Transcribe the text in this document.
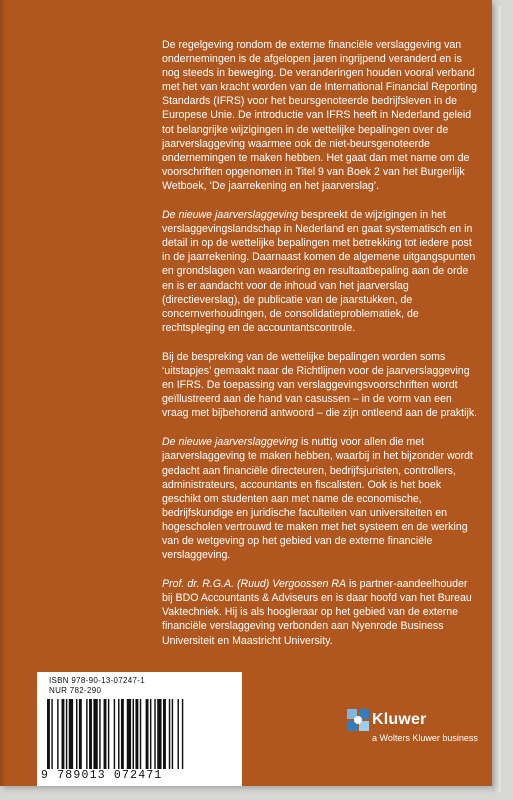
De regelgeving rondom de externe financiële verslaggeving van ondernemingen is de afgelopen jaren ingrijpend veranderd en is nog steeds in beweging. De veranderingen houden vooral verband met het van kracht worden van de International Financial Reporting Standards (IFRS) voor het beursgenoteerde bedrijfsleven in de Europese Unie. De introductie van IFRS heeft in Nederland geleid tot belangrijke wijzigingen in de wettelijke bepalingen over de jaarverslaggeving waarmee ook de niet-beursgenoteerde ondernemingen te maken hebben. Het gaat dan met name om de voorschriften opgenomen in Titel 9 van Boek 2 van het Burgerlijk Wetboek, ‘De jaarrekening en het jaarverslag’.

De nieuwe jaarverslaggeving bespreekt de wijzigingen in het verslaggevingslandschap in Nederland en gaat systematisch en in detail in op de wettelijke bepalingen met betrekking tot iedere post in de jaarrekening. Daarnaast komen de algemene uitgangspunten en grondslagen van waardering en resultaatbepaling aan de orde en is er aandacht voor de inhoud van het jaarverslag (directieverslag), de publicatie van de jaarstukken, de concernverhoudingen, de consolidatieproblematiek, de rechtspleging en de accountantscontrole.

Bij de bespreking van de wettelijke bepalingen worden soms ‘uitstapjes’ gemaakt naar de Richtlijnen voor de jaarverslaggeving en IFRS. De toepassing van verslaggevingsvoorschriften wordt geïllustreerd aan de hand van casussen – in de vorm van een vraag met bijbehorend antwoord – die zijn ontleend aan de praktijk.

De nieuwe jaarverslaggeving is nuttig voor allen die met jaarverslaggeving te maken hebben, waarbij in het bijzonder wordt gedacht aan financiële directeuren, bedrijfsjuristen, controllers, administrateurs, accountants en fiscalisten. Ook is het boek geschikt om studenten aan met name de economische, bedrijfskundige en juridische faculteiten van universiteiten en hogescholen vertrouwd te maken met het systeem en de werking van de wetgeving op het gebied van de externe financiële verslaggeving.

Prof. dr. R.G.A. (Ruud) Vergoossen RA is partner-aandeelhouder bij BDO Accountants & Adviseurs en is daar hoofd van het Bureau Vaktechniek. Hij is als hoogleraar op het gebied van de externe financiële verslaggeving verbonden aan Nyenrode Business Universiteit en Maastricht University.

ISBN 978-90-13-07247-1
NUR 782-290
9 789013 072471
Kluwer
a Wolters Kluwer business
